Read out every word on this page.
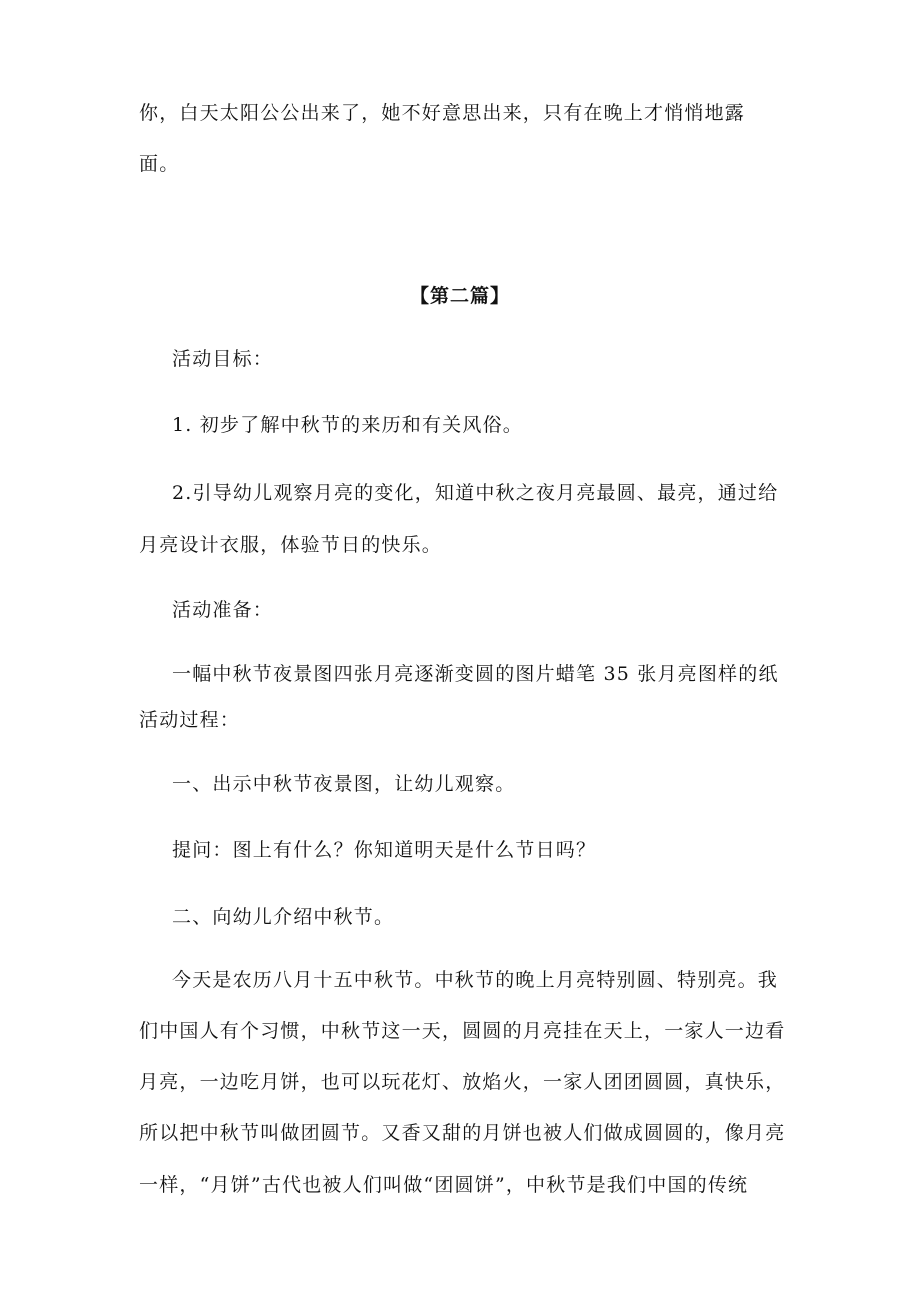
你，白天太阳公公出来了，她不好意思出来，只有在晚上才悄悄地露
面。
【第二篇】
活动目标：
1. 初步了解中秋节的来历和有关风俗。
2.引导幼儿观察月亮的变化，知道中秋之夜月亮最圆、最亮，通过给
月亮设计衣服，体验节日的快乐。
活动准备：
一幅中秋节夜景图四张月亮逐渐变圆的图片蜡笔 35 张月亮图样的纸
活动过程：
一、出示中秋节夜景图，让幼儿观察。
提问：图上有什么？你知道明天是什么节日吗？
二、向幼儿介绍中秋节。
今天是农历八月十五中秋节。中秋节的晚上月亮特别圆、特别亮。我
们中国人有个习惯，中秋节这一天，圆圆的月亮挂在天上，一家人一边看
月亮，一边吃月饼，也可以玩花灯、放焰火，一家人团团圆圆，真快乐，
所以把中秋节叫做团圆节。又香又甜的月饼也被人们做成圆圆的，像月亮
一样，“月饼”古代也被人们叫做“团圆饼”，中秋节是我们中国的传统
